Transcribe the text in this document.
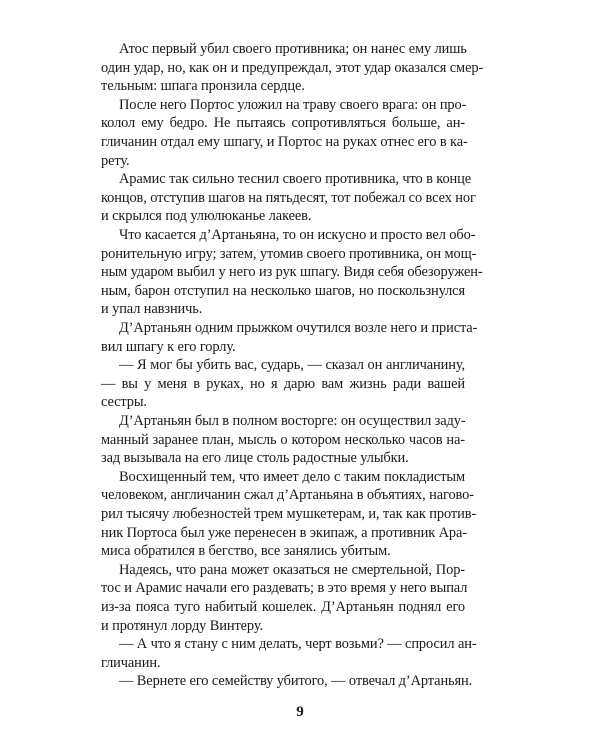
Атос первый убил своего противника; он нанес ему лишь
один удар, но, как он и предупреждал, этот удар оказался смер-
тельным: шпага пронзила сердце.
После него Портос уложил на траву своего врага: он про-
колол ему бедро. Не пытаясь сопротивляться больше, ан-
гличанин отдал ему шпагу, и Портос на руках отнес его в ка-
рету.
Арамис так сильно теснил своего противника, что в конце
концов, отступив шагов на пятьдесят, тот побежал со всех ног
и скрылся под улюлюканье лакеев.
Что касается д’Артаньяна, то он искусно и просто вел обо-
ронительную игру; затем, утомив своего противника, он мощ-
ным ударом выбил у него из рук шпагу. Видя себя обезоружен-
ным, барон отступил на несколько шагов, но поскользнулся
и упал навзничь.
Д’Артаньян одним прыжком очутился возле него и пристa-
вил шпагу к его горлу.
— Я мог бы убить вас, сударь, — сказал он англичанину,
— вы у меня в руках, но я дарю вам жизнь ради вашей
сестры.
Д’Артаньян был в полном восторге: он осуществил заду-
манный заранее план, мысль о котором несколько часов на-
зад вызывала на его лице столь радостные улыбки.
Восхищенный тем, что имеет дело с таким покладистым
человеком, англичанин сжал д’Артаньяна в объятиях, нагово-
рил тысячу любезностей трем мушкетерам, и, так как против-
ник Портоса был уже перенесен в экипаж, а противник Ара-
миса обратился в бегство, все занялись убитым.
Надеясь, что рана может оказаться не смертельной, Пор-
тос и Арамис начали его раздевать; в это время у него выпал
из-за пояса туго набитый кошелек. Д’Артаньян поднял его
и протянул лорду Винтеру.
— А что я стану с ним делать, черт возьми? — спросил ан-
гличанин.
— Вернете его семейству убитого, — отвечал д’Артаньян.
9
